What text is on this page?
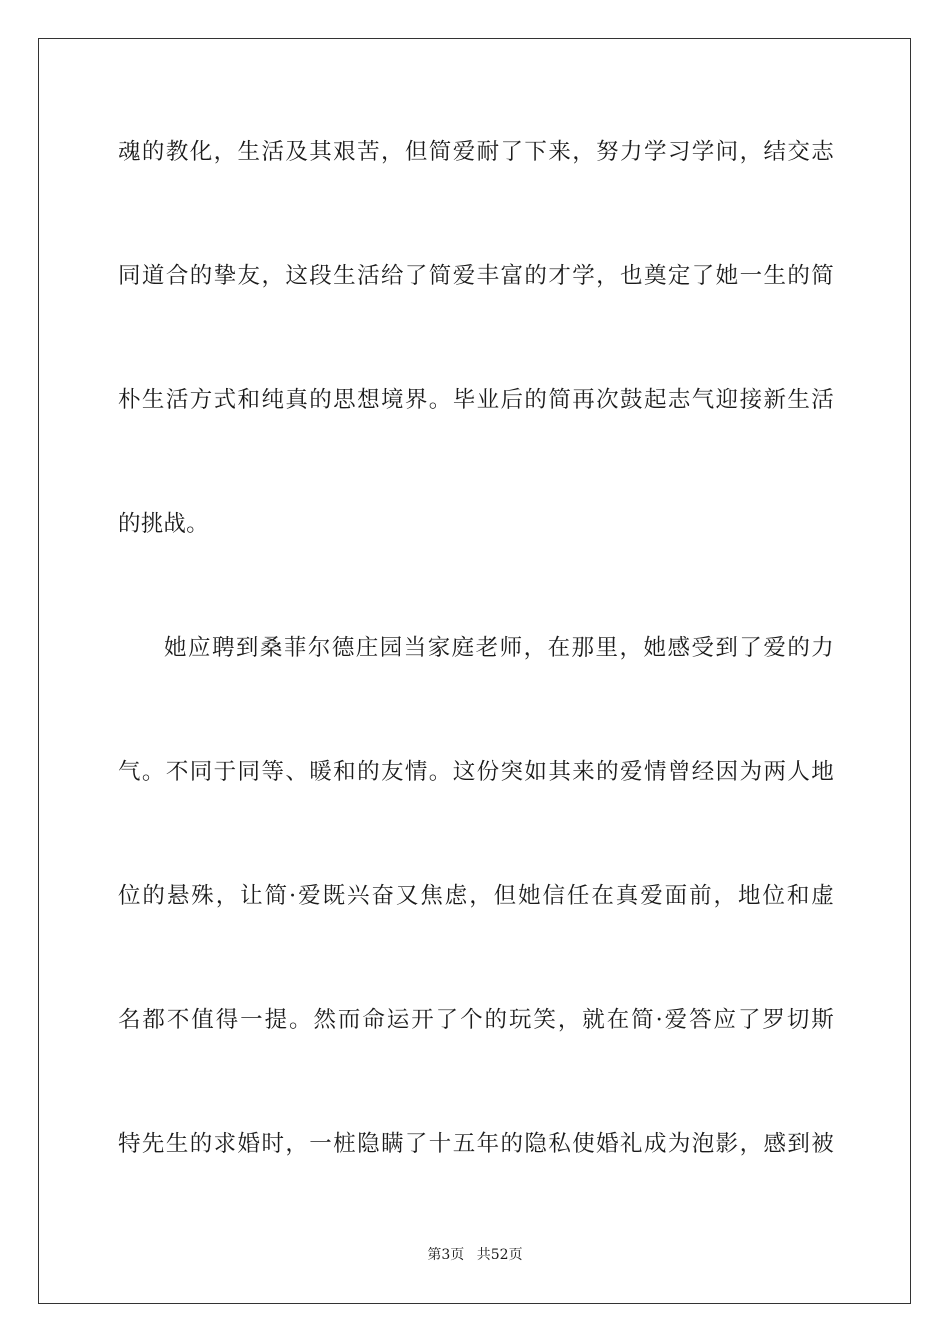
魂的教化，生活及其艰苦，但简爱耐了下来，努力学习学问，结交志
同道合的挚友，这段生活给了简爱丰富的才学，也奠定了她一生的简
朴生活方式和纯真的思想境界。毕业后的简再次鼓起志气迎接新生活
的挑战。
她应聘到桑菲尔德庄园当家庭老师，在那里，她感受到了爱的力
气。不同于同等、暖和的友情。这份突如其来的爱情曾经因为两人地
位的悬殊，让简·爱既兴奋又焦虑，但她信任在真爱面前，地位和虚
名都不值得一提。然而命运开了个的玩笑，就在简·爱答应了罗切斯
特先生的求婚时，一桩隐瞒了十五年的隐私使婚礼成为泡影，感到被
第3页 共52页
